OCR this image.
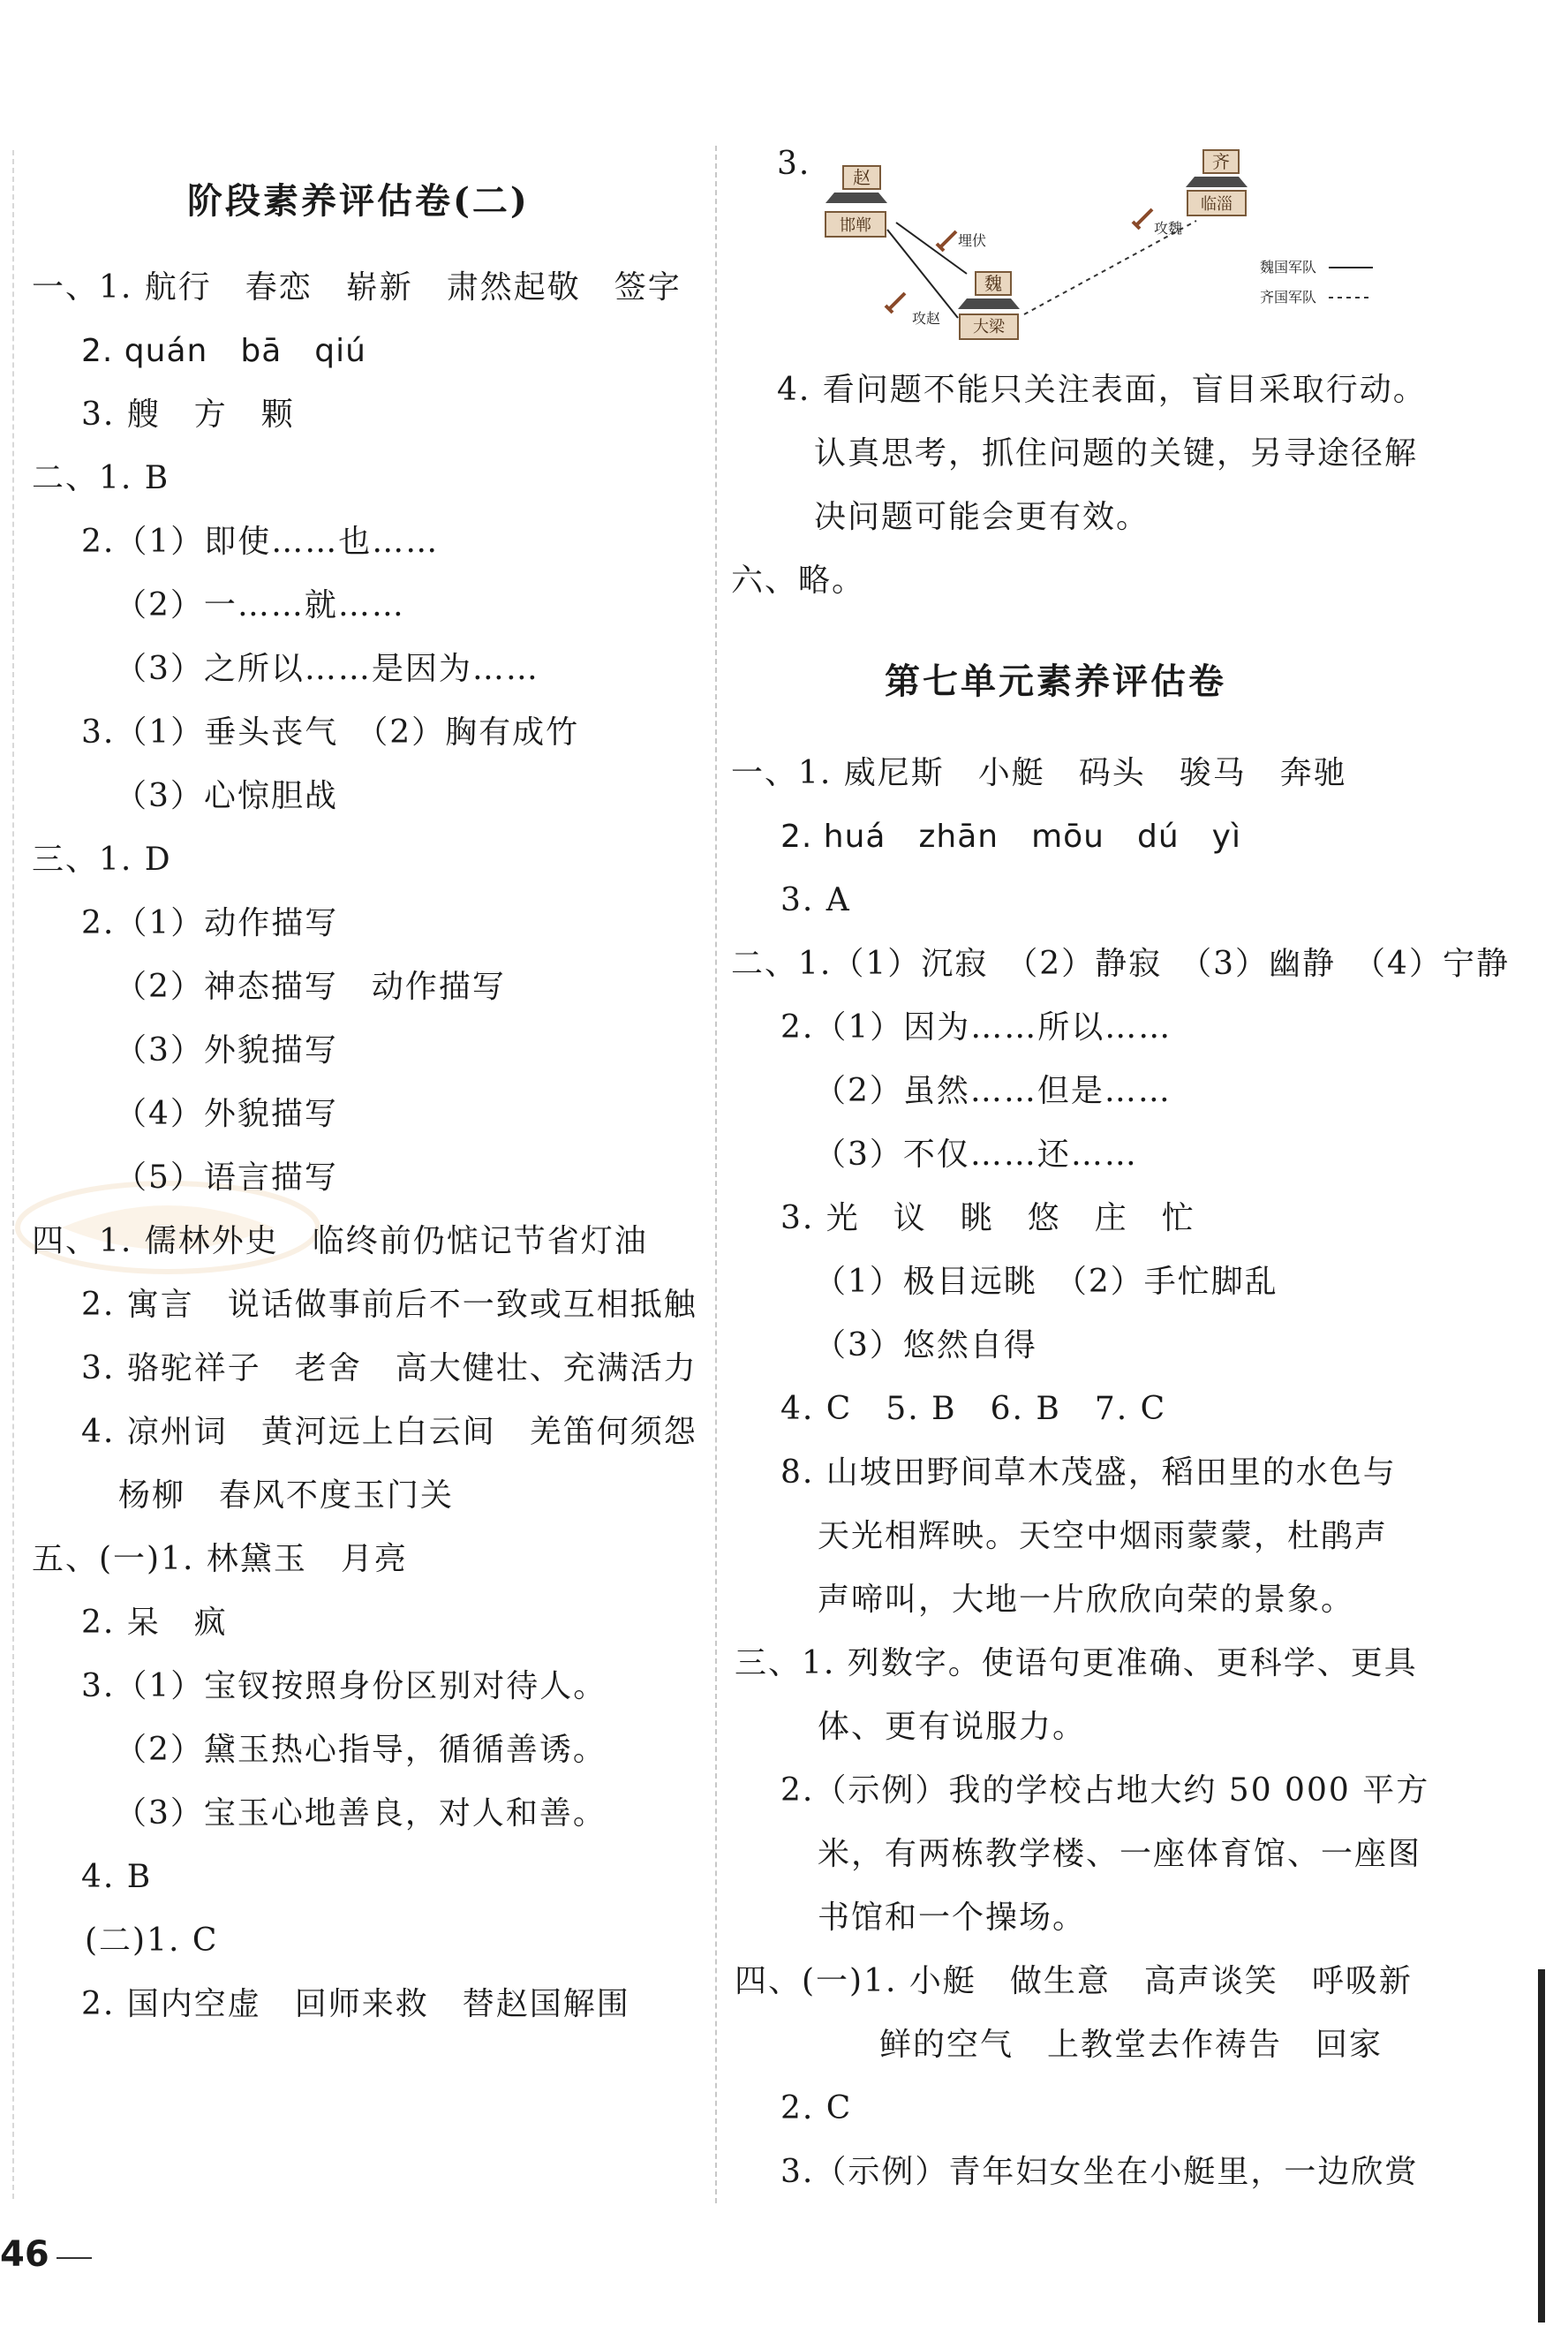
阶段素养评估卷(二)
一、1. 航行　春恋　崭新　肃然起敬　签字
2. quán　bā　qiú
3. 艘　方　颗
二、1. B
2.（1）即使……也……
（2）一……就……
（3）之所以……是因为……
3.（1）垂头丧气　（2）胸有成竹
（3）心惊胆战
三、1. D
2.（1）动作描写
（2）神态描写　动作描写
（3）外貌描写
（4）外貌描写
（5）语言描写
四、1. 儒林外史　临终前仍惦记节省灯油
2. 寓言　说话做事前后不一致或互相抵触
3. 骆驼祥子　老舍　高大健壮、充满活力
4. 凉州词　黄河远上白云间　羌笛何须怨
杨柳　春风不度玉门关
五、(一)1. 林黛玉　月亮
2. 呆　疯
3.（1）宝钗按照身份区别对待人。
（2）黛玉热心指导，循循善诱。
（3）宝玉心地善良，对人和善。
4. B
(二)1. C
2. 国内空虚　回师来救　替赵国解围
3. 赵
邯郸
魏
大梁
齐
临淄
埋伏
攻赵
攻魏
魏国军队
齐国军队
4. 看问题不能只关注表面，盲目采取行动。
认真思考，抓住问题的关键，另寻途径解
决问题可能会更有效。
六、略。
第七单元素养评估卷
一、1. 威尼斯　小艇　码头　骏马　奔驰
2. huá　zhān　mōu　dú　yì
3. A
二、1.（1）沉寂　（2）静寂　（3）幽静　（4）宁静
2.（1）因为……所以……
（2）虽然……但是……
（3）不仅……还……
3. 光　议　眺　悠　庄　忙
（1）极目远眺　（2）手忙脚乱
（3）悠然自得
4. C　5. B　6. B　7. C
8. 山坡田野间草木茂盛，稻田里的水色与
天光相辉映。天空中烟雨蒙蒙，杜鹃声
声啼叫，大地一片欣欣向荣的景象。
三、1. 列数字。使语句更准确、更科学、更具
体、更有说服力。
2.（示例）我的学校占地大约 50 000 平方
米，有两栋教学楼、一座体育馆、一座图
书馆和一个操场。
四、(一)1. 小艇　做生意　高声谈笑　呼吸新
鲜的空气　上教堂去作祷告　回家
2. C
3.（示例）青年妇女坐在小艇里，一边欣赏
46
